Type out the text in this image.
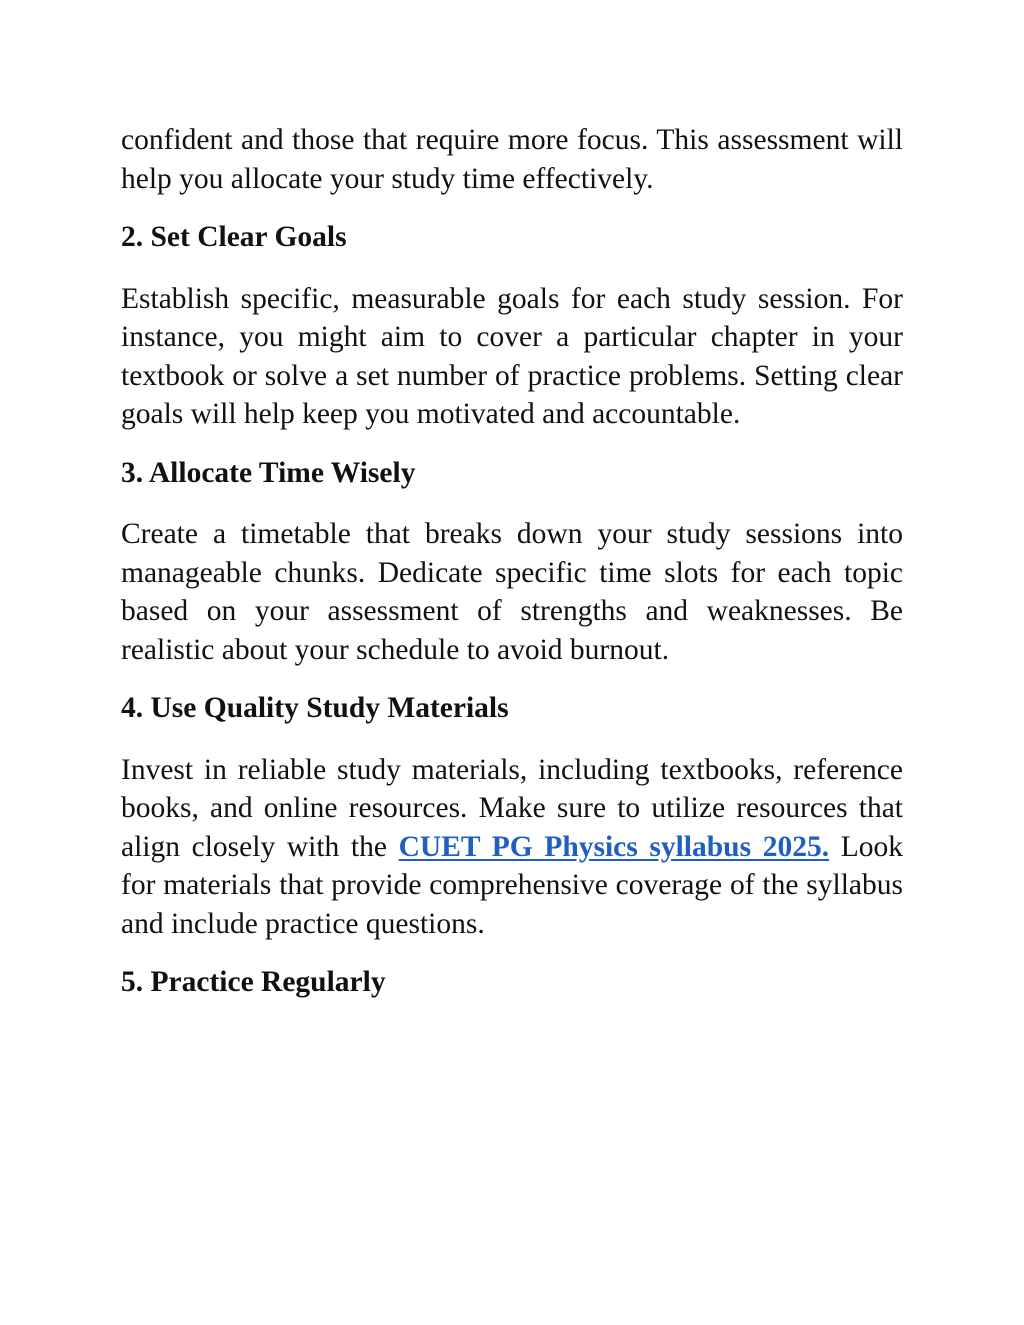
confident and those that require more focus. This assessment will help you allocate your study time effectively.

2. Set Clear Goals

Establish specific, measurable goals for each study session. For instance, you might aim to cover a particular chapter in your textbook or solve a set number of practice problems. Setting clear goals will help keep you motivated and accountable.

3. Allocate Time Wisely

Create a timetable that breaks down your study sessions into manageable chunks. Dedicate specific time slots for each topic based on your assessment of strengths and weaknesses. Be realistic about your schedule to avoid burnout.

4. Use Quality Study Materials

Invest in reliable study materials, including textbooks, reference books, and online resources. Make sure to utilize resources that align closely with the CUET PG Physics syllabus 2025. Look for materials that provide comprehensive coverage of the syllabus and include practice questions.

5. Practice Regularly
